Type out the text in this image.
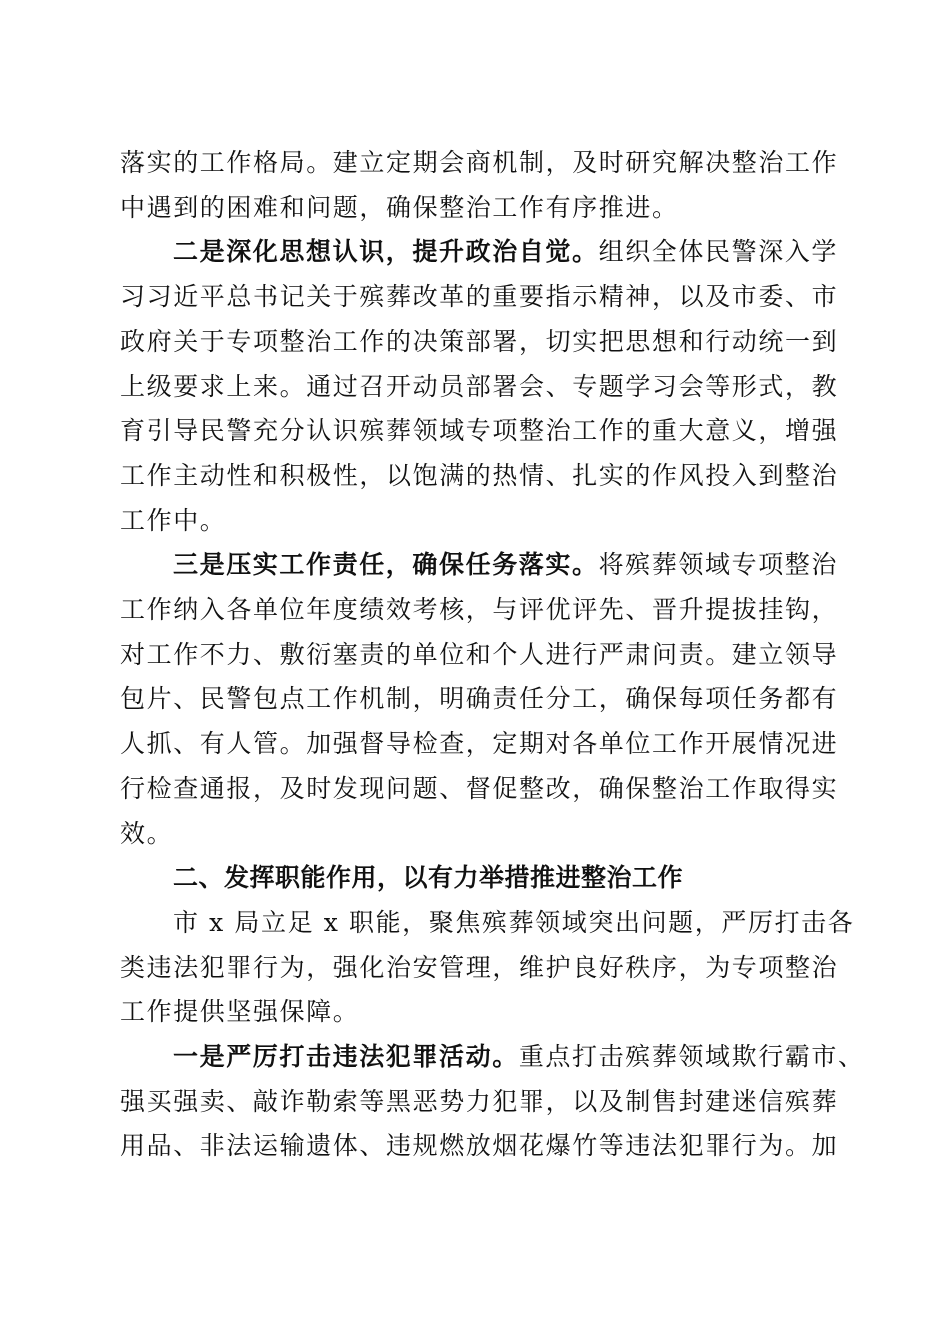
落实的工作格局。建立定期会商机制，及时研究解决整治工作
中遇到的困难和问题，确保整治工作有序推进。
二是深化思想认识，提升政治自觉。组织全体民警深入学
习习近平总书记关于殡葬改革的重要指示精神，以及市委、市
政府关于专项整治工作的决策部署，切实把思想和行动统一到
上级要求上来。通过召开动员部署会、专题学习会等形式，教
育引导民警充分认识殡葬领域专项整治工作的重大意义，增强
工作主动性和积极性，以饱满的热情、扎实的作风投入到整治
工作中。
三是压实工作责任，确保任务落实。将殡葬领域专项整治
工作纳入各单位年度绩效考核，与评优评先、晋升提拔挂钩，
对工作不力、敷衍塞责的单位和个人进行严肃问责。建立领导
包片、民警包点工作机制，明确责任分工，确保每项任务都有
人抓、有人管。加强督导检查，定期对各单位工作开展情况进
行检查通报，及时发现问题、督促整改，确保整治工作取得实
效。
二、发挥职能作用，以有力举措推进整治工作
市 x 局立足 x 职能，聚焦殡葬领域突出问题，严厉打击各
类违法犯罪行为，强化治安管理，维护良好秩序，为专项整治
工作提供坚强保障。
一是严厉打击违法犯罪活动。重点打击殡葬领域欺行霸市、
强买强卖、敲诈勒索等黑恶势力犯罪，以及制售封建迷信殡葬
用品、非法运输遗体、违规燃放烟花爆竹等违法犯罪行为。加
